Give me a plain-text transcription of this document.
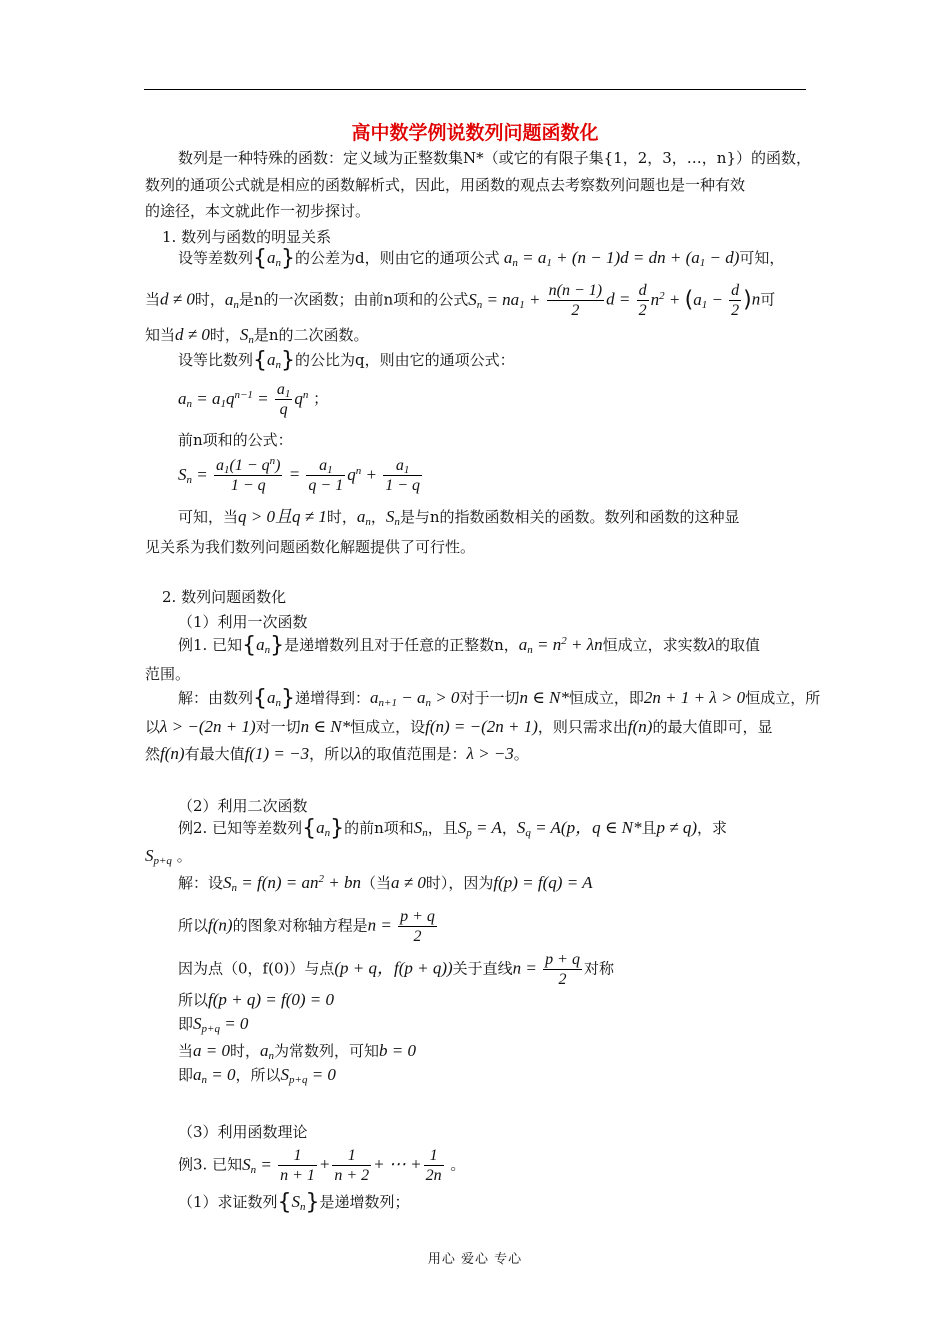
高中数学例说数列问题函数化
数列是一种特殊的函数：定义域为正整数集N*（或它的有限子集{1，2，3，…，n}）的函数，
数列的通项公式就是相应的函数解析式，因此，用函数的观点去考察数列问题也是一种有效
的途径，本文就此作一初步探讨。
1. 数列与函数的明显关系
设等差数列$\{a_n\}$的公差为d，则由它的通项公式 $a_n = a_1 + (n - 1)d$ = dn + $(a_1 - d)$可知，
当d ≠ 0时，$a_n$是n的一次函数；由前n项和的公式$S_n = na_1 + \frac{n(n - 1)}{2}$ $d = \frac{d}{2} n^2 + (a_1 - \frac{d}{2} )n$可
知当d ≠ 0时，$S_n$是n的二次函数。
设等比数列$\{a_n\}$的公比为q，则由它的通项公式：
$a_n = a_1q^{n-1} = \frac{a_1}{q} q^n$ ；
前n项和的公式：
$S_n = \frac{a_1(1 - q^n)}{1 - q} = \frac{a_1}{q - 1} q^n + \frac{a_1}{1 - q}$
可知，当q > 0且q ≠ 1时，$a_n$，$S_n$是与n的指数函数相关的函数。数列和函数的这种显
见关系为我们数列问题函数化解题提供了可行性。
2. 数列问题函数化
（1）利用一次函数
例1. 已知$\{a_n\}$是递增数列且对于任意的正整数n，$a_n = n^2 + \lambda n$恒成立，求实数λ的取值
范围。
解：由数列$\{a_n\}$递增得到：$a_{n+1} - a_n > 0$对于一切n ∈ N*恒成立，即2n + 1 + λ > 0恒成立，所
以λ > −(2n + 1)对一切n ∈ N*恒成立，设f(n) = −(2n + 1)，则只需求出f(n)的最大值即可，显
然f(n)有最大值f(1) = −3，所以λ的取值范围是：λ > −3。
（2）利用二次函数
例2. 已知等差数列$\{a_n\}$的前n项和$S_n$，且$S_p = A$，$S_q = A(p$，q ∈ N*且p ≠ q)，求
$S_{p+q}$ 。
解：设$S_n = f(n) = an^2 + bn$（当a ≠ 0时），因为f(p) = f(q) = A
所以f(n)的图象对称轴方程是$n = \frac{p + q}{2}$
因为点（0，f(0)）与点(p + q，f(p + q))关于直线$n = \frac{p + q}{2}$ 对称
所以f(p + q) = f(0) = 0
即$S_{p+q} = 0$
当a = 0时，$a_n$为常数列，可知b = 0
即$a_n = 0$，所以$S_{p+q} = 0$
（3）利用函数理论
例3. 已知$S_n = \frac{1}{n + 1} + \frac{1}{n + 2}$ + ⋯ + $\frac{1}{2n}$ 。
（1）求证数列$\{S_n\}$是递增数列；
用心 爱心 专心
